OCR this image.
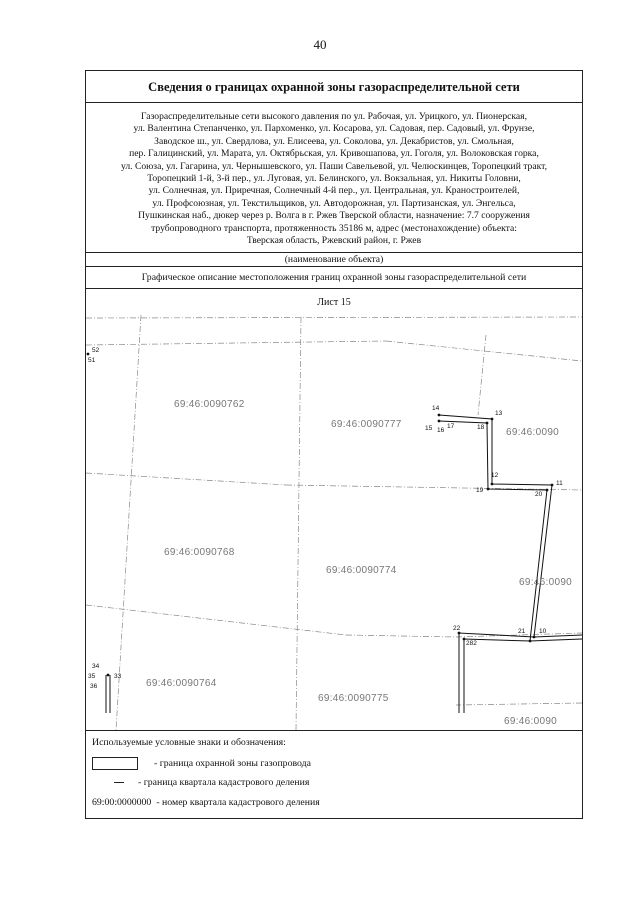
40
Сведения о границах охранной зоны газораспределительной сети
Газораспределительные сети высокого давления по ул. Рабочая, ул. Урицкого, ул. Пионерская,
ул. Валентина Степанченко, ул. Пархоменко, ул. Косарова, ул. Садовая, пер. Садовый, ул. Фрунзе,
Заводское ш., ул. Свердлова, ул. Елисеева, ул. Соколова, ул. Декабристов, ул. Смольная,
пер. Галицинский, ул. Марата, ул. Октябрьская, ул. Кривошапова, ул. Гоголя, ул. Волоковская горка,
ул. Союза, ул. Гагарина, ул. Чернышевского, ул. Паши Савельевой, ул. Челюскинцев, Торопецкий тракт,
Торопецкий 1-й, 3-й пер., ул. Луговая, ул. Белинского, ул. Вокзальная, ул. Никиты Головни,
ул. Солнечная, ул. Приречная, Солнечный 4-й пер., ул. Центральная, ул. Краностроителей,
ул. Профсоюзная, ул. Текстильщиков, ул. Автодорожная, ул. Партизанская, ул. Энгельса,
Пушкинская наб., дюкер через р. Волга в г. Ржев Тверской области, назначение: 7.7 сооружения
трубопроводного транспорта, протяженность 35186 м, адрес (местонахождение) объекта:
Тверская область, Ржевский район, г. Ржев
(наименование объекта)
Графическое описание местоположения границ охранной зоны газораспределительной сети
Лист 15
52
51
14
13
15 16
17	18
12
11
19
20
22	21 10
282
34
35	33
36
69:46:0090762
69:46:0090777
69:46:0090
69:46:0090768
69:46:0090774
69:46:0090
69:46:0090764
69:46:0090775
69:46:0090
Используемые условные знаки и обозначения:
- граница охранной зоны газопровода
- граница квартала кадастрового деления
69:00:0000000 - номер квартала кадастрового деления
